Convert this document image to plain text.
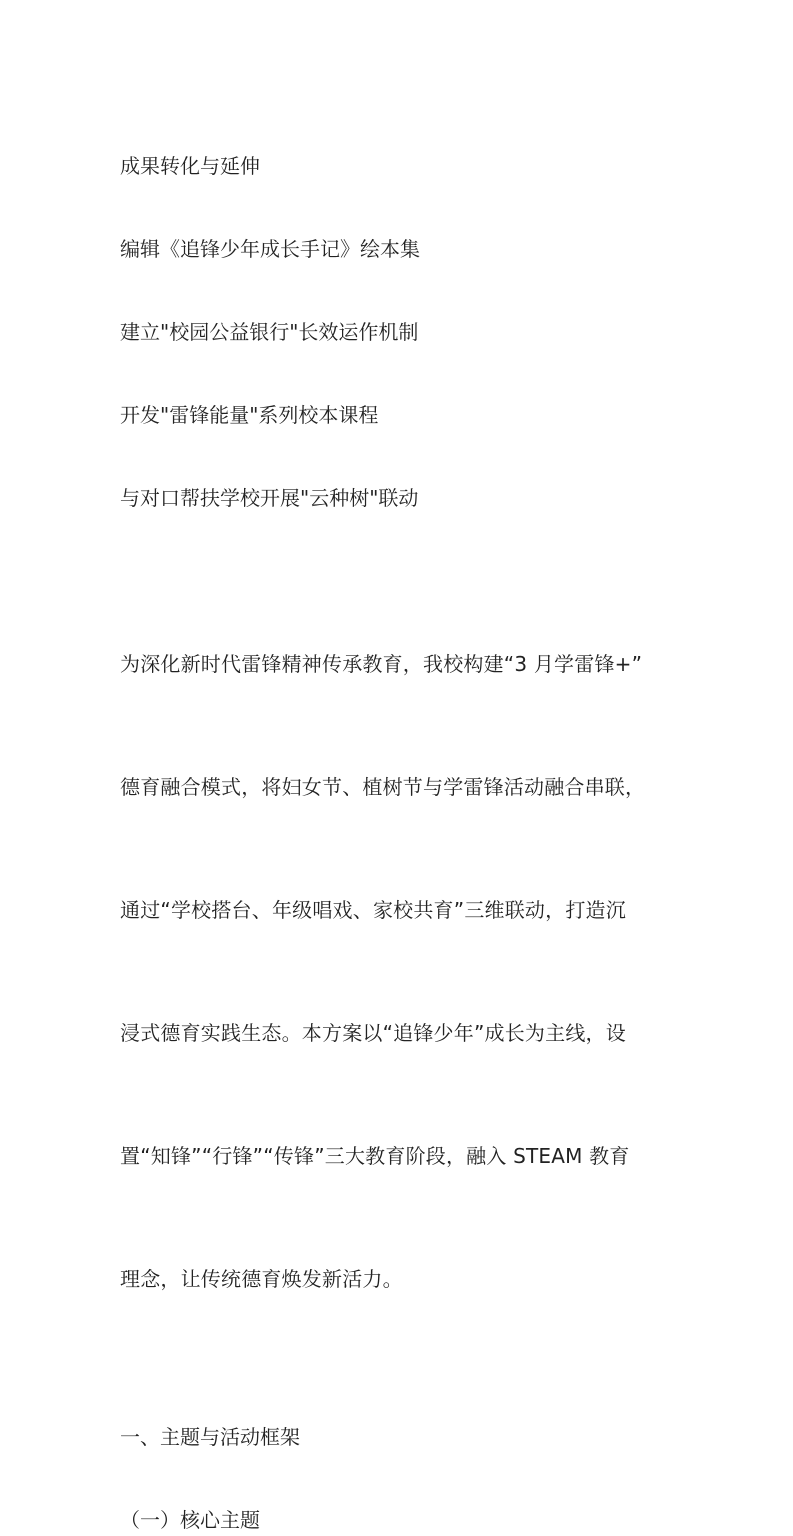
成果转化与延伸

编辑《追锋少年成长手记》绘本集

建立"校园公益银行"长效运作机制

开发"雷锋能量"系列校本课程

与对口帮扶学校开展"云种树"联动

为深化新时代雷锋精神传承教育，我校构建“3 月学雷锋+”

德育融合模式，将妇女节、植树节与学雷锋活动融合串联，

通过“学校搭台、年级唱戏、家校共育”三维联动，打造沉

浸式德育实践生态。本方案以“追锋少年”成长为主线，设

置“知锋”“行锋”“传锋”三大教育阶段，融入 STEAM 教育

理念，让传统德育焕发新活力。

一、主题与活动框架

（一）核心主题
